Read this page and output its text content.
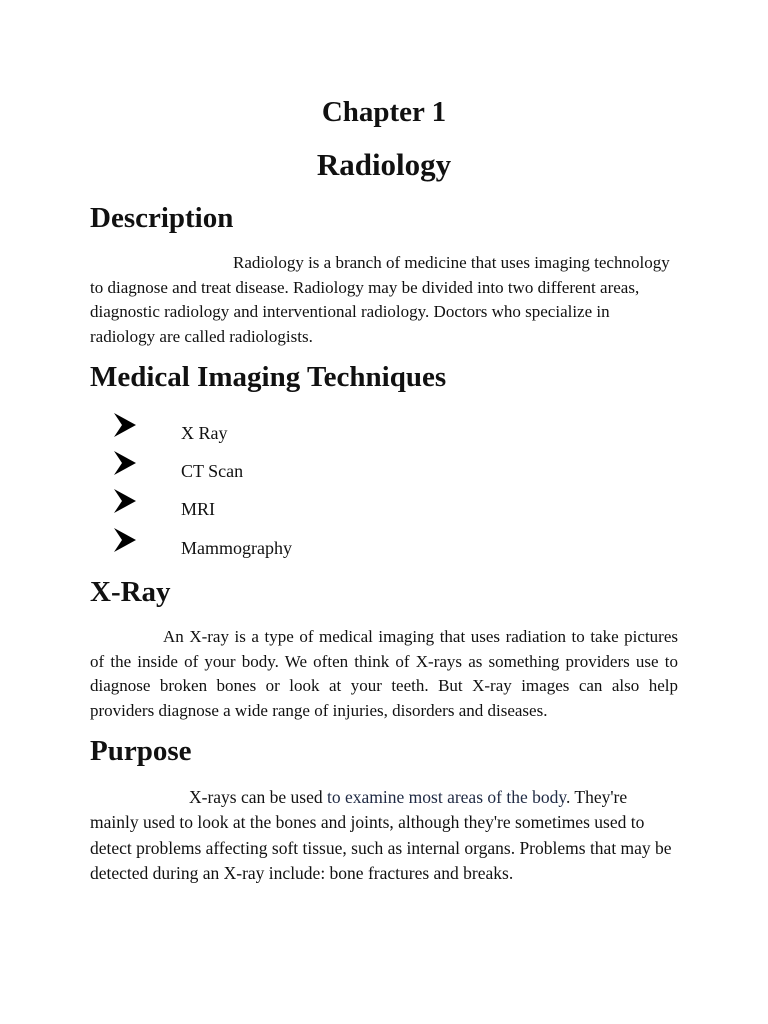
Chapter 1
Radiology
Description

Radiology is a branch of medicine that uses imaging technology to diagnose and treat disease. Radiology may be divided into two different areas, diagnostic radiology and interventional radiology. Doctors who specialize in radiology are called radiologists.

Medical Imaging Techniques
X Ray
CT Scan
MRI
Mammography
X-Ray

An X-ray is a type of medical imaging that uses radiation to take pictures of the inside of your body. We often think of X-rays as something providers use to diagnose broken bones or look at your teeth. But X-ray images can also help providers diagnose a wide range of injuries, disorders and diseases.

Purpose

X-rays can be used to examine most areas of the body. They're mainly used to look at the bones and joints, although they're sometimes used to detect problems affecting soft tissue, such as internal organs. Problems that may be detected during an X-ray include: bone fractures and breaks.
